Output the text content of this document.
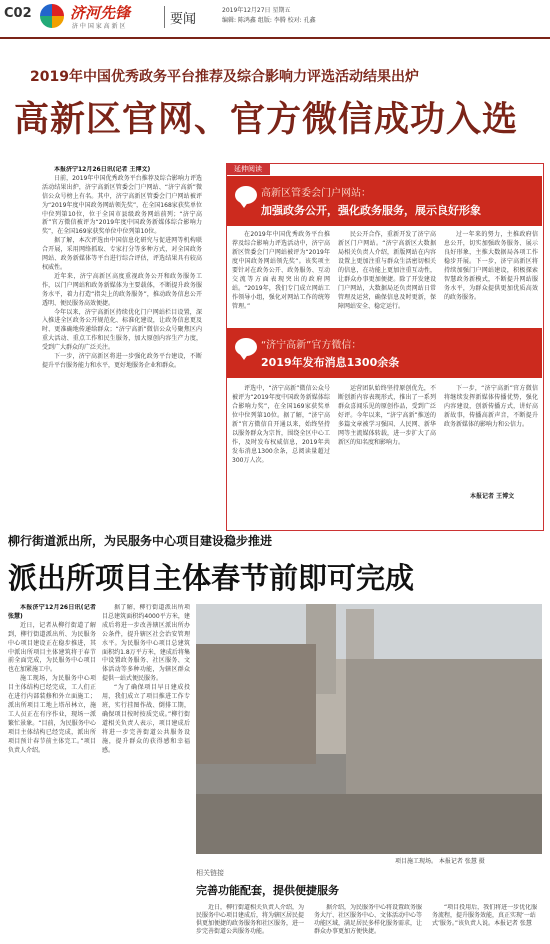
C02	济河先锋
济 中 国 家 高 新 区	要闻
2019年12月27日 星期五
编辑: 陈鸿鑫 组版: 李腾 校对: 孔鑫
2019年中国优秀政务平台推荐及综合影响力评选活动结果出炉
高新区官网、官方微信成功入选

本报济宁12月26日讯(记者 王博文)

日前，2019年中国优秀政务平台推荐及综合影响力评选活动结果出炉，济宁高新区管委会门户网站、“济宁高新”微信公众号榜上有名。其中，济宁高新区管委会门户网站被评为“2019年度中国政务网站领先奖”，在全国168家获奖单位中位列第10位，位于全国市县级政务网站前列；“济宁高新”官方微信被评为“2019年度中国政务新媒体综合影响力奖”，在全国169家获奖单位中位列第10位。

据了解，本次评选由中国信息化研究与促进网等机构联合开展，采用网络抓取、专家打分等多种方式，对全国政务网站、政务新媒体等平台进行综合评估，评选结果具有较高权威性。

近年来，济宁高新区高度重视政务公开和政务服务工作，以门户网站和政务新媒体为主要载体，不断提升政务服务水平，着力打造“指尖上的政务服务”，推动政务信息公开透明、便民服务高效便捷。

今年以来，济宁高新区持续优化门户网站栏目设置，深入推进全区政务公开规范化、标准化建设，让政务信息更及时、更准确地传递给群众；“济宁高新”微信公众号聚焦区内重大活动、重点工作和民生服务，加大原创内容生产力度，受到广大群众的广泛关注。

下一步，济宁高新区将进一步强化政务平台建设，不断提升平台服务能力和水平，更好地服务企业和群众。

延伸阅读
高新区管委会门户网站：
加强政务公开，强化政务服务，展示良好形象

在2019年中国优秀政务平台推荐及综合影响力评选活动中，济宁高新区管委会门户网站被评为“2019年度中国政务网站领先奖”。该奖项主要针对在政务公开、政务服务、互动交流等方面表现突出的政府网站。“2019年，我们专门成立网站工作领导小组，强化对网站工作的统筹管理。”

民公开合作，重新开发了济宁高新区门户网站。“济宁高新区大数据局相关负责人介绍，新版网站在内容设置上更加注重与群众生活密切相关的信息，在功能上更加注重互动性，让群众办事更加便捷。除了开发建设门户网站，大数据局还负责网站日常管理及运营，确保信息及时更新，保障网站安全、稳定运行。

过一年来的努力，主推政府信息公开，切实加强政务服务、展示良好形象，主推大数据局各项工作稳步开展。下一步，济宁高新区将持续加强门户网站建设，积极探索智慧政务新模式，不断提升网站服务水平，为群众提供更加优质高效的政务服务。

“济宁高新”官方微信：
2019年发布消息1300余条

评选中，“济宁高新”微信公众号被评为“2019年度中国政务新媒体综合影响力奖”，在全国169家获奖单位中位列第10位。据了解，“济宁高新”官方微信自开通以来，始终坚持以服务群众为宗旨，围绕全区中心工作，及时发布权威信息，2019年共发布消息1300余条，总阅读量超过300万人次。

运营团队始终坚持原创优先，不断创新内容表现形式，推出了一系列群众喜闻乐见的原创作品，受到广泛好评。今年以来，“济宁高新”推送的多篇文章被学习强国、人民网、新华网等主流媒体转载，进一步扩大了高新区的知名度和影响力。

下一步，“济宁高新”官方微信将继续发挥新媒体传播优势，强化内容建设，创新传播方式，讲好高新故事，传播高新声音，不断提升政务新媒体的影响力和公信力。

本报记者 王博文
柳行街道派出所，为民服务中心项目建设稳步推进
派出所项目主体春节前即可完成

本报济宁12月26日讯(记者 张慧)

近日，记者从柳行街道了解到，柳行街道派出所、为民服务中心项目建设正在稳步推进，其中派出所项目主体建筑将于春节前全面完成，为民服务中心项目也在加紧施工中。

施工现场，为民服务中心项目主体结构已经完成，工人们正在进行内部装修和外立面施工；派出所项目工地上塔吊林立，施工人员正在有序作业，现场一派繁忙景象。“目前，为民服务中心项目主体结构已经完成，派出所项目预计春节前主体完工。”项目负责人介绍。

据了解，柳行街道派出所项目总建筑面积约4000平方米，建成后将进一步改善辖区派出所办公条件，提升辖区社会治安管理水平。为民服务中心项目总建筑面积约1.8万平方米，建成后将集中设置政务服务、社区服务、文体活动等多种功能，为辖区群众提供一站式便民服务。

“为了确保项目早日建成投用，我们成立了项目推进工作专班，实行挂图作战、倒排工期，确保项目按时按质完成。”柳行街道相关负责人表示，项目建成后将进一步完善街道公共服务设施，提升群众的获得感和幸福感。

项目施工现场。 本报记者 张慧 摄
相关链接
完善功能配套，提供便捷服务

近日，柳行街道相关负责人介绍，为民服务中心项目建成后，将为辖区居民提供更加便捷的政务服务和社区服务，进一步完善街道公共服务功能。

据介绍，为民服务中心将设置政务服务大厅、社区服务中心、文体活动中心等功能区域，满足居民多样化服务需求，让群众办事更加方便快捷。

“项目投用后，我们将进一步优化服务流程，提升服务效能，真正实现‘一站式’服务。”该负责人说。本报记者 张慧
